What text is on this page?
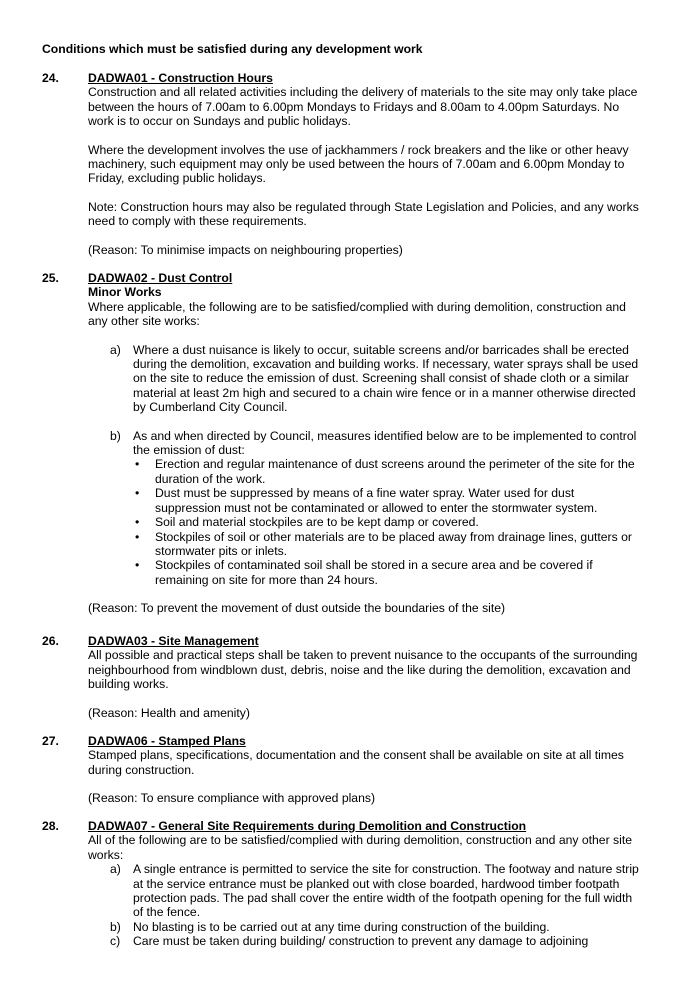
Conditions which must be satisfied during any development work
24.	DADWA01 - Construction Hours

Construction and all related activities including the delivery of materials to the site may only take place between the hours of 7.00am to 6.00pm Mondays to Fridays and 8.00am to 4.00pm Saturdays. No work is to occur on Sundays and public holidays.

Where the development involves the use of jackhammers / rock breakers and the like or other heavy machinery, such equipment may only be used between the hours of 7.00am and 6.00pm Monday to Friday, excluding public holidays.

Note: Construction hours may also be regulated through State Legislation and Policies, and any works need to comply with these requirements.

(Reason: To minimise impacts on neighbouring properties)

25.	DADWA02 - Dust Control
Minor Works

Where applicable, the following are to be satisfied/complied with during demolition, construction and any other site works:

a) Where a dust nuisance is likely to occur, suitable screens and/or barricades shall be erected during the demolition, excavation and building works. If necessary, water sprays shall be used on the site to reduce the emission of dust. Screening shall consist of shade cloth or a similar material at least 2m high and secured to a chain wire fence or in a manner otherwise directed by Cumberland City Council.
b) As and when directed by Council, measures identified below are to be implemented to control the emission of dust:
• Erection and regular maintenance of dust screens around the perimeter of the site for the duration of the work.
• Dust must be suppressed by means of a fine water spray. Water used for dust suppression must not be contaminated or allowed to enter the stormwater system.
• Soil and material stockpiles are to be kept damp or covered.
• Stockpiles of soil or other materials are to be placed away from drainage lines, gutters or stormwater pits or inlets.
• Stockpiles of contaminated soil shall be stored in a secure area and be covered if remaining on site for more than 24 hours.

(Reason: To prevent the movement of dust outside the boundaries of the site)

26.	DADWA03 - Site Management

All possible and practical steps shall be taken to prevent nuisance to the occupants of the surrounding neighbourhood from windblown dust, debris, noise and the like during the demolition, excavation and building works.

(Reason: Health and amenity)

27.	DADWA06 - Stamped Plans

Stamped plans, specifications, documentation and the consent shall be available on site at all times during construction.

(Reason: To ensure compliance with approved plans)

28.	DADWA07 - General Site Requirements during Demolition and Construction

All of the following are to be satisfied/complied with during demolition, construction and any other site works:

a) A single entrance is permitted to service the site for construction. The footway and nature strip at the service entrance must be planked out with close boarded, hardwood timber footpath protection pads. The pad shall cover the entire width of the footpath opening for the full width of the fence.
b) No blasting is to be carried out at any time during construction of the building.
c) Care must be taken during building/ construction to prevent any damage to adjoining
